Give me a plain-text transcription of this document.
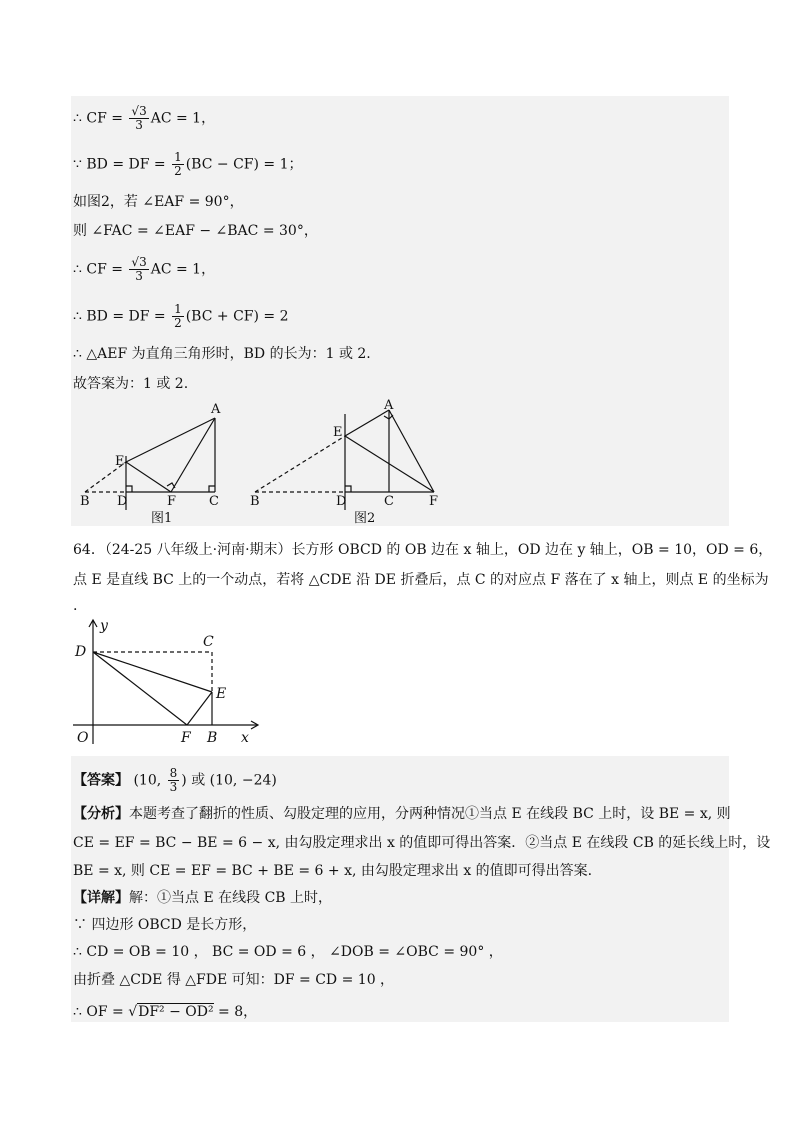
∴ CF = $\frac{√3}{3}$ AC = 1，
∵ BD = DF = $\frac{1}{2} (BC - CF) = 1$；
如图2，若 ∠EAF = 90°，
则 ∠FAC = ∠EAF − ∠BAC = 30°，
∴ CF = $\frac{√3}{3}$ AC = 1，
∴ BD = DF = $\frac{1}{2} (BC + CF) = 2$
∴ △AEF 为直角三角形时，BD 的长为：1 或 2.
故答案为：1 或 2.
A
E
B D	F	C
图1
A
E
B	D	C	F
图2
64．（24-25 八年级上·河南·期末）长方形 OBCD 的 OB 边在 x 轴上，OD 边在 y 轴上，OB = 10，OD = 6，
点 E 是直线 BC 上的一个动点，若将 △CDE 沿 DE 折叠后，点 C 的对应点 F 落在了 x 轴上，则点 E 的坐标为
.
y
x
D
C
E
O	F B
【答案】 (10, $\frac{8}{3}$ ) 或 (10, −24)
【分析】本题考查了翻折的性质、勾股定理的应用，分两种情况①当点 E 在线段 BC 上时，设 BE = x, 则
CE = EF = BC − BE = 6 − x, 由勾股定理求出 x 的值即可得出答案．②当点 E 在线段 CB 的延长线上时，设
BE = x, 则 CE = EF = BC + BE = 6 + x, 由勾股定理求出 x 的值即可得出答案.
【详解】解：①当点 E 在线段 CB 上时，
∵ 四边形 OBCD 是长方形，
∴ CD = OB = 10 ， BC = OD = 6 ， ∠DOB = ∠OBC = 90° ，
由折叠 △CDE 得 △FDE 可知：DF = CD = 10 ，
∴ OF = √DF² − OD² = 8，
